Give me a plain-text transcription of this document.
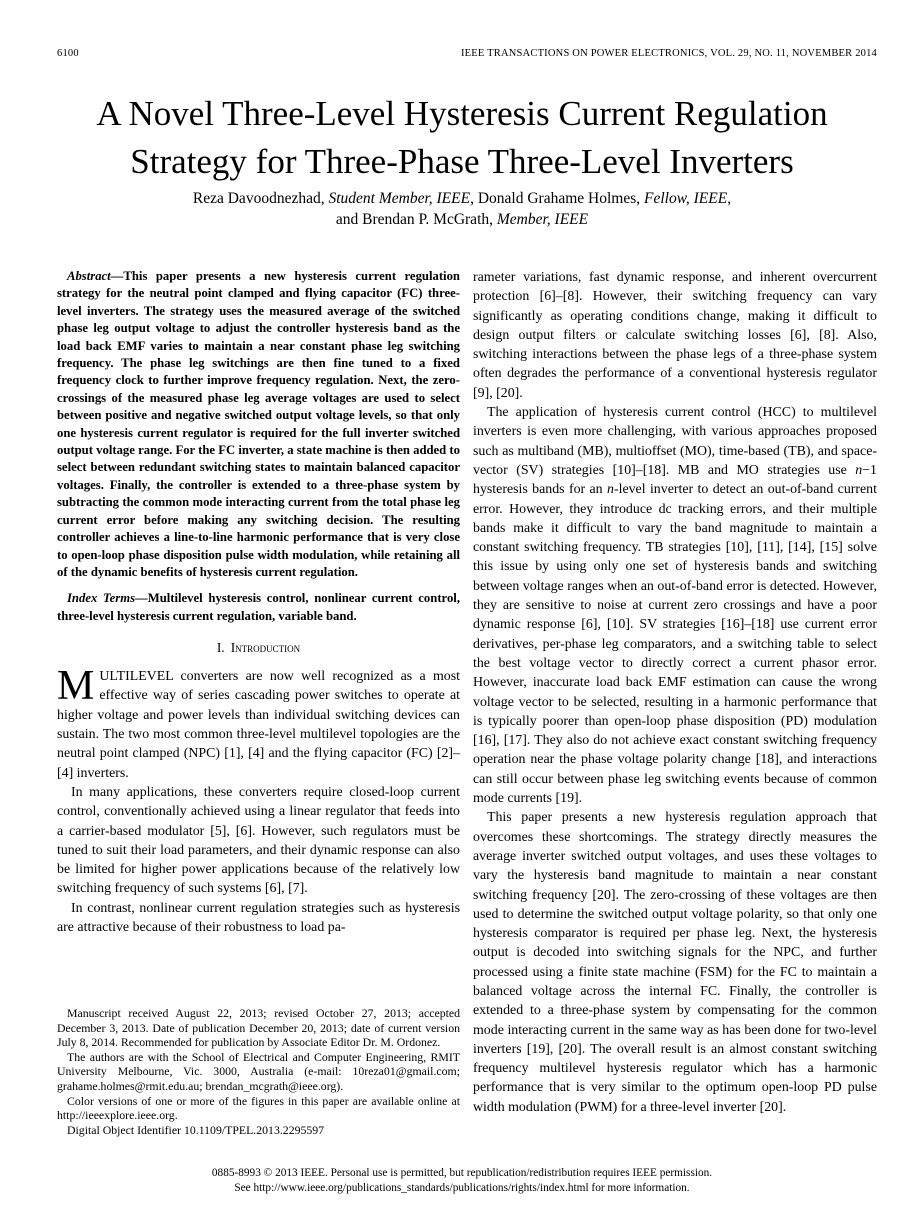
6100	IEEE TRANSACTIONS ON POWER ELECTRONICS, VOL. 29, NO. 11, NOVEMBER 2014
A Novel Three-Level Hysteresis Current Regulation
Strategy for Three-Phase Three-Level Inverters
Reza Davoodnezhad, Student Member, IEEE, Donald Grahame Holmes, Fellow, IEEE,
and Brendan P. McGrath, Member, IEEE

Abstract—This paper presents a new hysteresis current regulation strategy for the neutral point clamped and flying capacitor (FC) three-level inverters. The strategy uses the measured average of the switched phase leg output voltage to adjust the controller hysteresis band as the load back EMF varies to maintain a near constant phase leg switching frequency. The phase leg switchings are then fine tuned to a fixed frequency clock to further improve frequency regulation. Next, the zero-crossings of the measured phase leg average voltages are used to select between positive and negative switched output voltage levels, so that only one hysteresis current regulator is required for the full inverter switched output voltage range. For the FC inverter, a state machine is then added to select between redundant switching states to maintain balanced capacitor voltages. Finally, the controller is extended to a three-phase system by subtracting the common mode interacting current from the total phase leg current error before making any switching decision. The resulting controller achieves a line-to-line harmonic performance that is very close to open-loop phase disposition pulse width modulation, while retaining all of the dynamic benefits of hysteresis current regulation.

Index Terms—Multilevel hysteresis control, nonlinear current control, three-level hysteresis current regulation, variable band.

I. Introduction

MULTILEVEL converters are now well recognized as a most effective way of series cascading power switches to operate at higher voltage and power levels than individual switching devices can sustain. The two most common three-level multilevel topologies are the neutral point clamped (NPC) [1], [4] and the flying capacitor (FC) [2]–[4] inverters.

In many applications, these converters require closed-loop current control, conventionally achieved using a linear regulator that feeds into a carrier-based modulator [5], [6]. However, such regulators must be tuned to suit their load parameters, and their dynamic response can also be limited for higher power applications because of the relatively low switching frequency of such systems [6], [7].

In contrast, nonlinear current regulation strategies such as hysteresis are attractive because of their robustness to load pa-

rameter variations, fast dynamic response, and inherent overcurrent protection [6]–[8]. However, their switching frequency can vary significantly as operating conditions change, making it difficult to design output filters or calculate switching losses [6], [8]. Also, switching interactions between the phase legs of a three-phase system often degrades the performance of a conventional hysteresis regulator [9], [20].

The application of hysteresis current control (HCC) to multilevel inverters is even more challenging, with various approaches proposed such as multiband (MB), multioffset (MO), time-based (TB), and space-vector (SV) strategies [10]–[18]. MB and MO strategies use n−1 hysteresis bands for an n-level inverter to detect an out-of-band current error. However, they introduce dc tracking errors, and their multiple bands make it difficult to vary the band magnitude to maintain a constant switching frequency. TB strategies [10], [11], [14], [15] solve this issue by using only one set of hysteresis bands and switching between voltage ranges when an out-of-band error is detected. However, they are sensitive to noise at current zero crossings and have a poor dynamic response [6], [10]. SV strategies [16]–[18] use current error derivatives, per-phase leg comparators, and a switching table to select the best voltage vector to directly correct a current phasor error. However, inaccurate load back EMF estimation can cause the wrong voltage vector to be selected, resulting in a harmonic performance that is typically poorer than open-loop phase disposition (PD) modulation [16], [17]. They also do not achieve exact constant switching frequency operation near the phase voltage polarity change [18], and interactions can still occur between phase leg switching events because of common mode currents [19].

This paper presents a new hysteresis regulation approach that overcomes these shortcomings. The strategy directly measures the average inverter switched output voltages, and uses these voltages to vary the hysteresis band magnitude to maintain a near constant switching frequency [20]. The zero-crossing of these voltages are then used to determine the switched output voltage polarity, so that only one hysteresis comparator is required per phase leg. Next, the hysteresis output is decoded into switching signals for the NPC, and further processed using a finite state machine (FSM) for the FC to maintain a balanced voltage across the internal FC. Finally, the controller is extended to a three-phase system by compensating for the common mode interacting current in the same way as has been done for two-level inverters [19], [20]. The overall result is an almost constant switching frequency multilevel hysteresis regulator which has a harmonic performance that is very similar to the optimum open-loop PD pulse width modulation (PWM) for a three-level inverter [20].

Manuscript received August 22, 2013; revised October 27, 2013; accepted December 3, 2013. Date of publication December 20, 2013; date of current version July 8, 2014. Recommended for publication by Associate Editor Dr. M. Ordonez.

The authors are with the School of Electrical and Computer Engineering, RMIT University Melbourne, Vic. 3000, Australia (e-mail: 10reza01@gmail.com; grahame.holmes@rmit.edu.au; brendan_mcgrath@ieee.org).

Color versions of one or more of the figures in this paper are available online at http://ieeexplore.ieee.org.

Digital Object Identifier 10.1109/TPEL.2013.2295597

0885-8993 © 2013 IEEE. Personal use is permitted, but republication/redistribution requires IEEE permission.
See http://www.ieee.org/publications_standards/publications/rights/index.html for more information.
